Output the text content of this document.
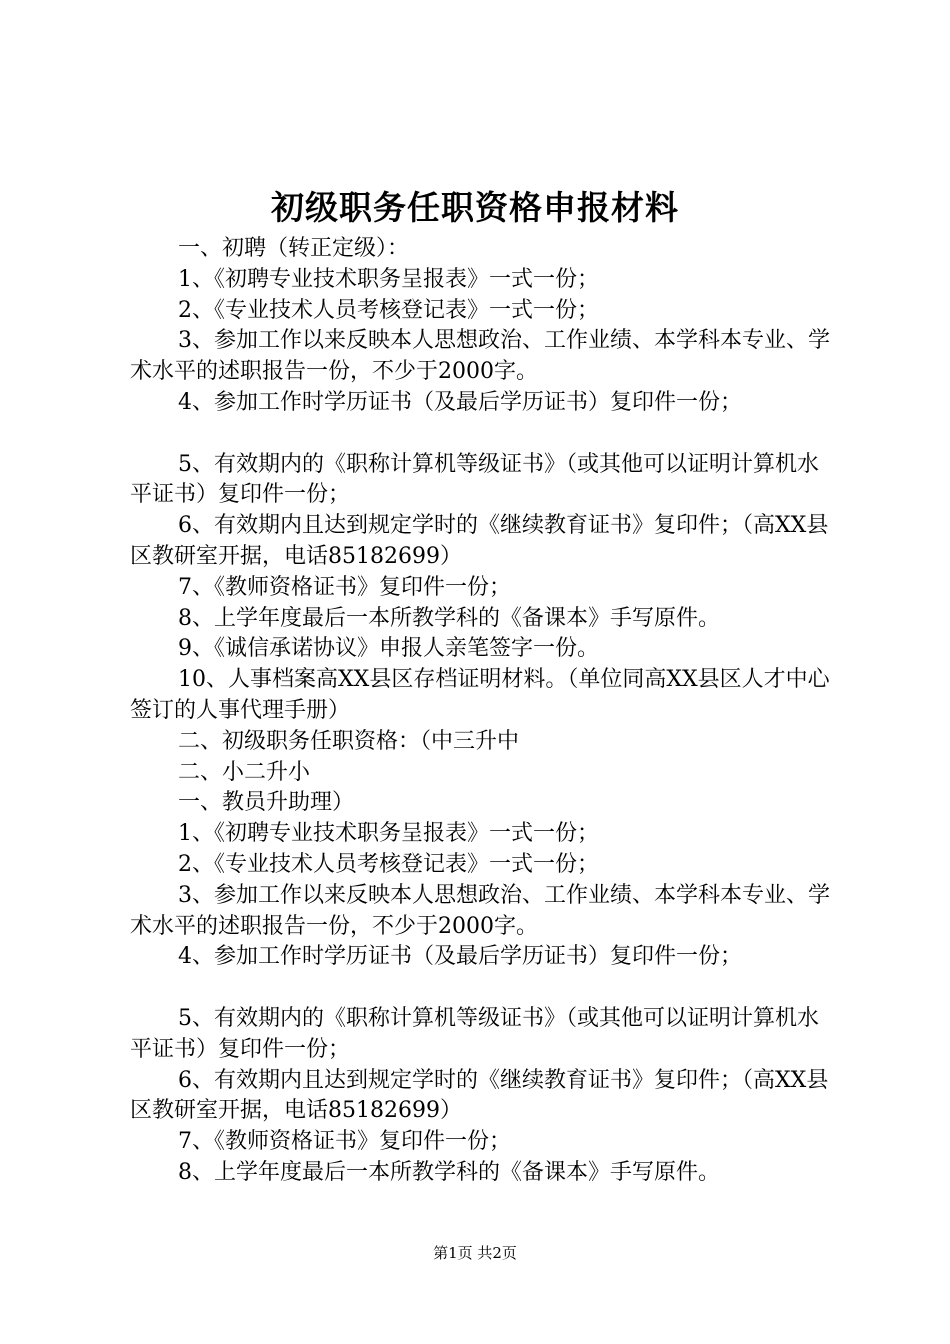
初级职务任职资格申报材料

一、初聘（转正定级）：

1、《初聘专业技术职务呈报表》一式一份；

2、《专业技术人员考核登记表》一式一份；

3、参加工作以来反映本人思想政治、工作业绩、本学科本专业、学术水平的述职报告一份，不少于2000字。

4、参加工作时学历证书（及最后学历证书）复印件一份；

5、有效期内的《职称计算机等级证书》（或其他可以证明计算机水平证书）复印件一份；

6、有效期内且达到规定学时的《继续教育证书》复印件；（高XX县区教研室开据，电话85182699）

7、《教师资格证书》复印件一份；

8、上学年度最后一本所教学科的《备课本》手写原件。

9、《诚信承诺协议》申报人亲笔签字一份。

10、人事档案高XX县区存档证明材料。（单位同高XX县区人才中心签订的人事代理手册）

二、初级职务任职资格：（中三升中

二、小二升小

一、教员升助理）

1、《初聘专业技术职务呈报表》一式一份；

2、《专业技术人员考核登记表》一式一份；

3、参加工作以来反映本人思想政治、工作业绩、本学科本专业、学术水平的述职报告一份，不少于2000字。

4、参加工作时学历证书（及最后学历证书）复印件一份；

5、有效期内的《职称计算机等级证书》（或其他可以证明计算机水平证书）复印件一份；

6、有效期内且达到规定学时的《继续教育证书》复印件；（高XX县区教研室开据，电话85182699）

7、《教师资格证书》复印件一份；

8、上学年度最后一本所教学科的《备课本》手写原件。

第1页 共2页
